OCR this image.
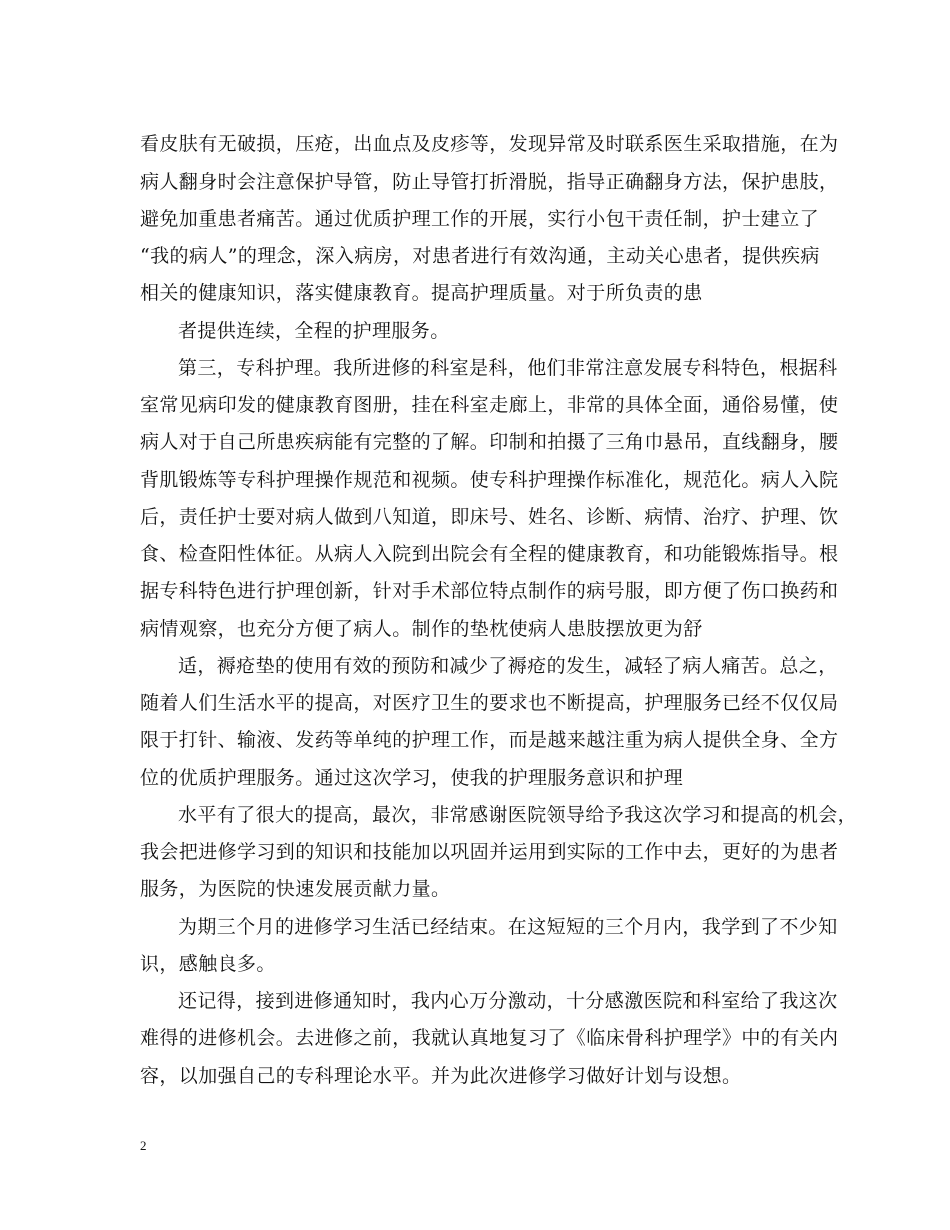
看皮肤有无破损，压疮，出血点及皮疹等，发现异常及时联系医生采取措施，在为
病人翻身时会注意保护导管，防止导管打折滑脱，指导正确翻身方法，保护患肢，
避免加重患者痛苦。通过优质护理工作的开展，实行小包干责任制，护士建立了
“我的病人”的理念，深入病房，对患者进行有效沟通，主动关心患者，提供疾病
相关的健康知识，落实健康教育。提高护理质量。对于所负责的患
者提供连续，全程的护理服务。
第三，专科护理。我所进修的科室是科，他们非常注意发展专科特色，根据科
室常见病印发的健康教育图册，挂在科室走廊上，非常的具体全面，通俗易懂，使
病人对于自己所患疾病能有完整的了解。印制和拍摄了三角巾悬吊，直线翻身，腰
背肌锻炼等专科护理操作规范和视频。使专科护理操作标准化，规范化。病人入院
后，责任护士要对病人做到八知道，即床号、姓名、诊断、病情、治疗、护理、饮
食、检查阳性体征。从病人入院到出院会有全程的健康教育，和功能锻炼指导。根
据专科特色进行护理创新，针对手术部位特点制作的病号服，即方便了伤口换药和
病情观察，也充分方便了病人。制作的垫枕使病人患肢摆放更为舒
适，褥疮垫的使用有效的预防和减少了褥疮的发生，减轻了病人痛苦。总之，
随着人们生活水平的提高，对医疗卫生的要求也不断提高，护理服务已经不仅仅局
限于打针、输液、发药等单纯的护理工作，而是越来越注重为病人提供全身、全方
位的优质护理服务。通过这次学习，使我的护理服务意识和护理
水平有了很大的提高，最次，非常感谢医院领导给予我这次学习和提高的机会，
我会把进修学习到的知识和技能加以巩固并运用到实际的工作中去，更好的为患者
服务，为医院的快速发展贡献力量。
为期三个月的进修学习生活已经结束。在这短短的三个月内，我学到了不少知
识，感触良多。
还记得，接到进修通知时，我内心万分激动，十分感激医院和科室给了我这次
难得的进修机会。去进修之前，我就认真地复习了《临床骨科护理学》中的有关内
容，以加强自己的专科理论水平。并为此次进修学习做好计划与设想。
2
